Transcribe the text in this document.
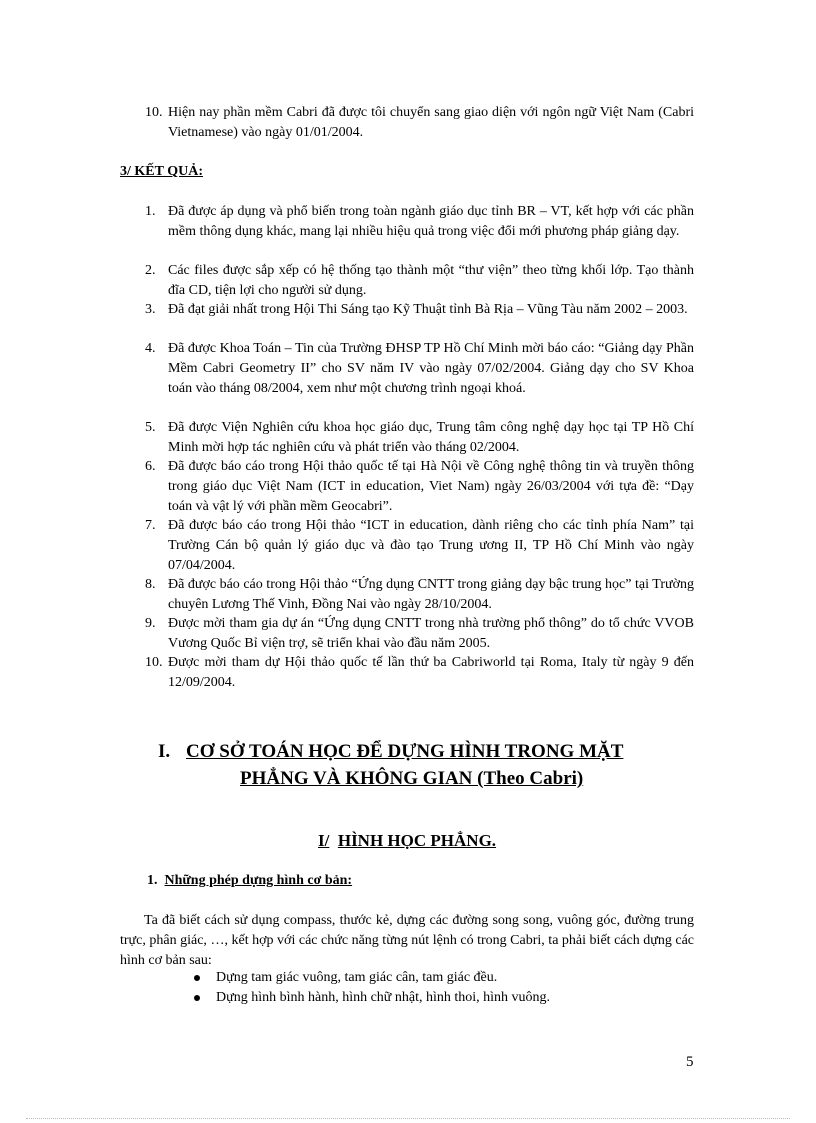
10. Hiện nay phần mềm Cabri đã được tôi chuyển sang giao diện với ngôn ngữ Việt Nam (Cabri Vietnamese) vào ngày 01/01/2004.
3/ KẾT QUẢ:
1. Đã được áp dụng và phổ biến trong toàn ngành giáo dục tỉnh BR – VT, kết hợp với các phần mềm thông dụng khác, mang lại nhiều hiệu quả trong việc đổi mới phương pháp giảng dạy.
2. Các files được sắp xếp có hệ thống tạo thành một “thư viện” theo từng khối lớp. Tạo thành đĩa CD, tiện lợi cho người sử dụng.
3. Đã đạt giải nhất trong Hội Thi Sáng tạo Kỹ Thuật tỉnh Bà Rịa – Vũng Tàu năm 2002 – 2003.
4. Đã được Khoa Toán – Tin của Trường ĐHSP TP Hồ Chí Minh mời báo cáo: “Giảng dạy Phần Mềm Cabri Geometry II” cho SV năm IV vào ngày 07/02/2004. Giảng dạy cho SV Khoa toán vào tháng 08/2004, xem như một chương trình ngoại khoá.
5. Đã được Viện Nghiên cứu khoa học giáo dục, Trung tâm công nghệ dạy học tại TP Hồ Chí Minh mời hợp tác nghiên cứu và phát triển vào tháng 02/2004.
6. Đã được báo cáo trong Hội thảo quốc tế tại Hà Nội về Công nghệ thông tin và truyền thông trong giáo dục Việt Nam (ICT in education, Viet Nam) ngày 26/03/2004 với tựa đề: “Dạy toán và vật lý với phần mềm Geocabri”.
7. Đã được báo cáo trong Hội thảo “ICT in education, dành riêng cho các tỉnh phía Nam” tại Trường Cán bộ quản lý giáo dục và đào tạo Trung ương II, TP Hồ Chí Minh vào ngày 07/04/2004.
8. Đã được báo cáo trong Hội thảo “Ứng dụng CNTT trong giảng dạy bậc trung học” tại Trường chuyên Lương Thế Vinh, Đồng Nai vào ngày 28/10/2004.
9. Được mời tham gia dự án “Ứng dụng CNTT trong nhà trường phổ thông” do tổ chức VVOB Vương Quốc Bỉ viện trợ, sẽ triển khai vào đầu năm 2005.
10. Được mời tham dự Hội thảo quốc tế lần thứ ba Cabriworld tại Roma, Italy từ ngày 9 đến 12/09/2004.
I. CƠ SỞ TOÁN HỌC ĐỂ DỰNG HÌNH TRONG MẶT
PHẲNG VÀ KHÔNG GIAN (Theo Cabri)
I/ HÌNH HỌC PHẲNG.
1. Những phép dựng hình cơ bản:
Ta đã biết cách sử dụng compass, thước kẻ, dựng các đường song song, vuông góc, đường trung trực, phân giác, …, kết hợp với các chức năng từng nút lệnh có trong Cabri, ta phải biết cách dựng các hình cơ bản sau:
Dựng tam giác vuông, tam giác cân, tam giác đều.
Dựng hình bình hành, hình chữ nhật, hình thoi, hình vuông.
5
